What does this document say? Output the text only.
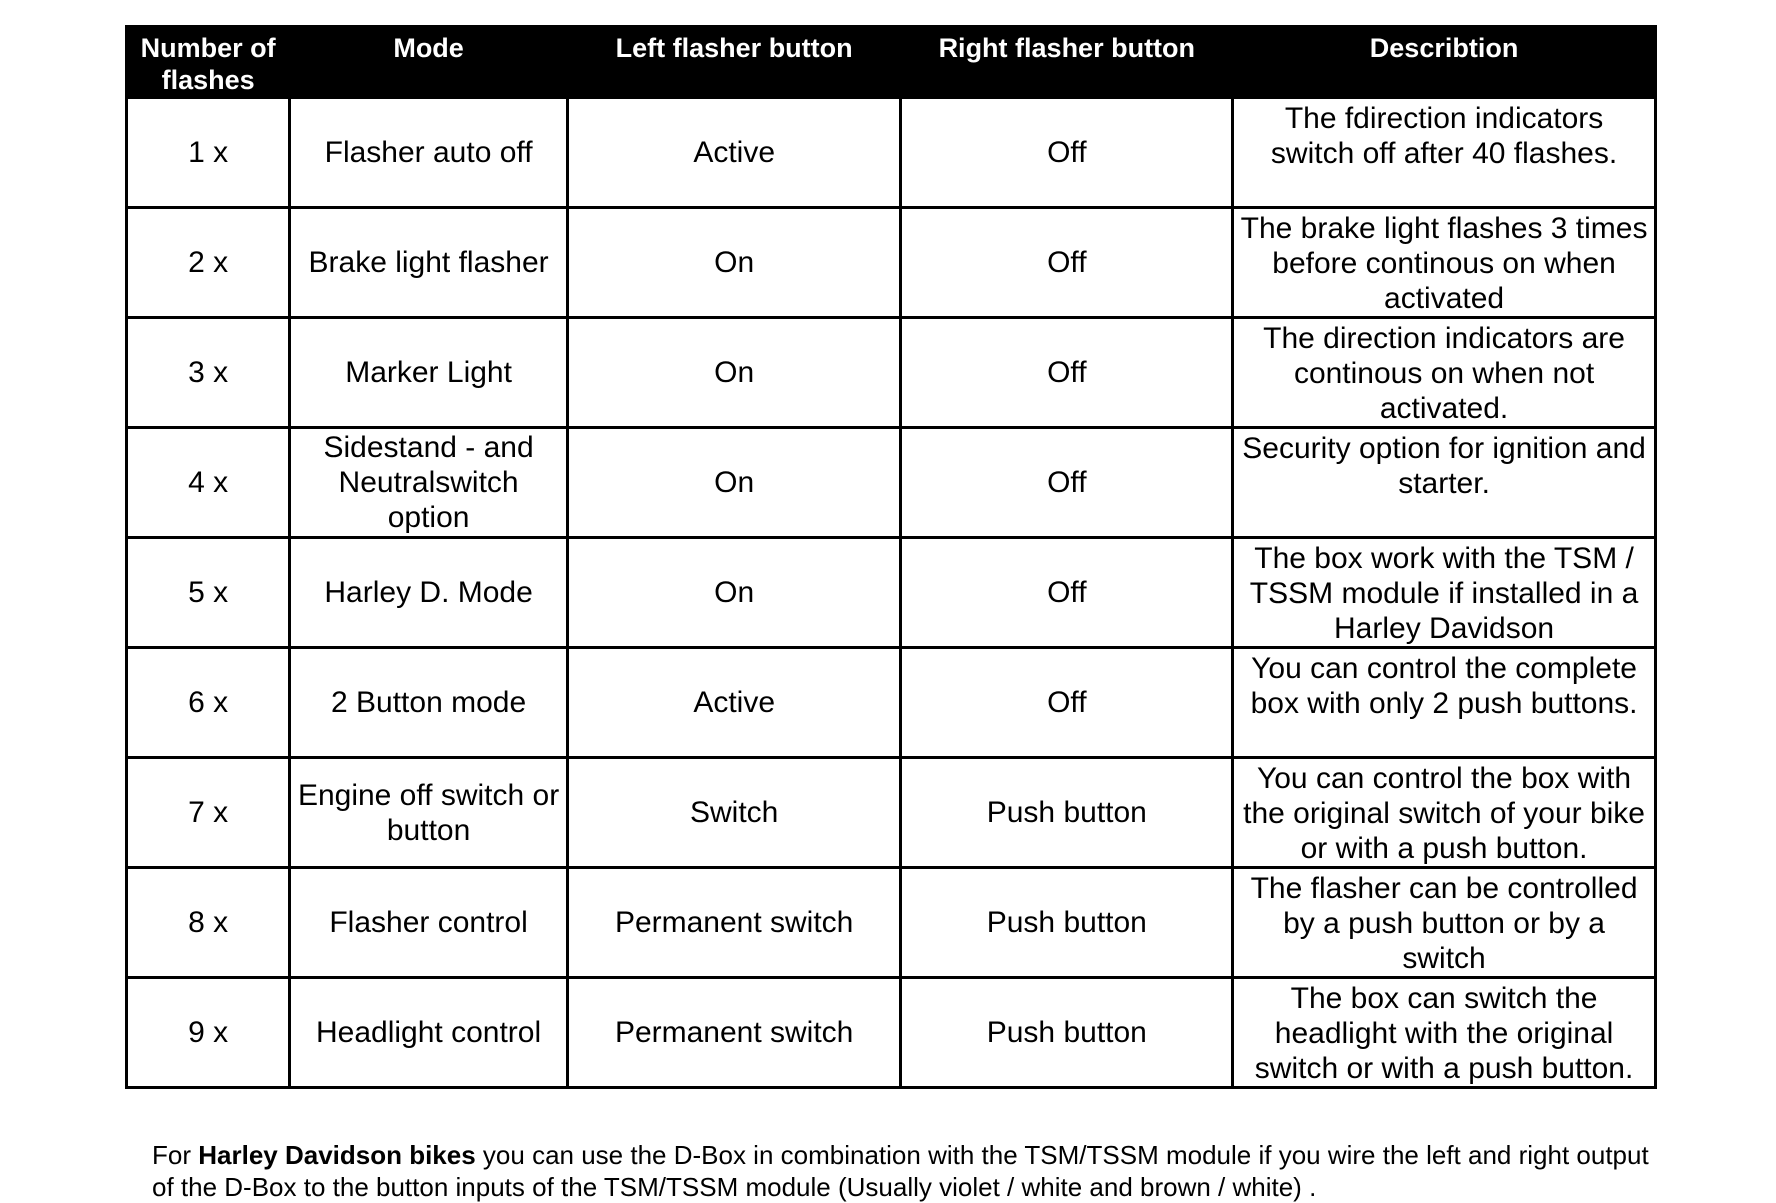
Number of flashes	Mode	Left flasher button	Right flasher button	Describtion
1 x	Flasher auto off	Active	Off	The fdirection indicators switch off after 40 flashes.
2 x	Brake light flasher	On	Off	The brake light flashes 3 times before continous on when activated
3 x	Marker Light	On	Off	The direction indicators are continous on when not activated.
4 x	Sidestand - and Neutralswitch option	On	Off	Security option for ignition and starter.
5 x	Harley D. Mode	On	Off	The box work with the TSM / TSSM module if installed in a Harley Davidson
6 x	2 Button mode	Active	Off	You can control the complete box with only 2 push buttons.
7 x	Engine off switch or button	Switch	Push button	You can control the box with the original switch of your bike or with a push button.
8 x	Flasher control	Permanent switch	Push button	The flasher can be controlled by a push button or by a switch
9 x	Headlight control	Permanent switch	Push button	The box can switch the headlight with the original switch or with a push button.

For Harley Davidson bikes you can use the D-Box in combination with the TSM/TSSM module if you wire the left and right output of the D-Box to the button inputs of the TSM/TSSM module (Usually violet / white and brown / white) .
